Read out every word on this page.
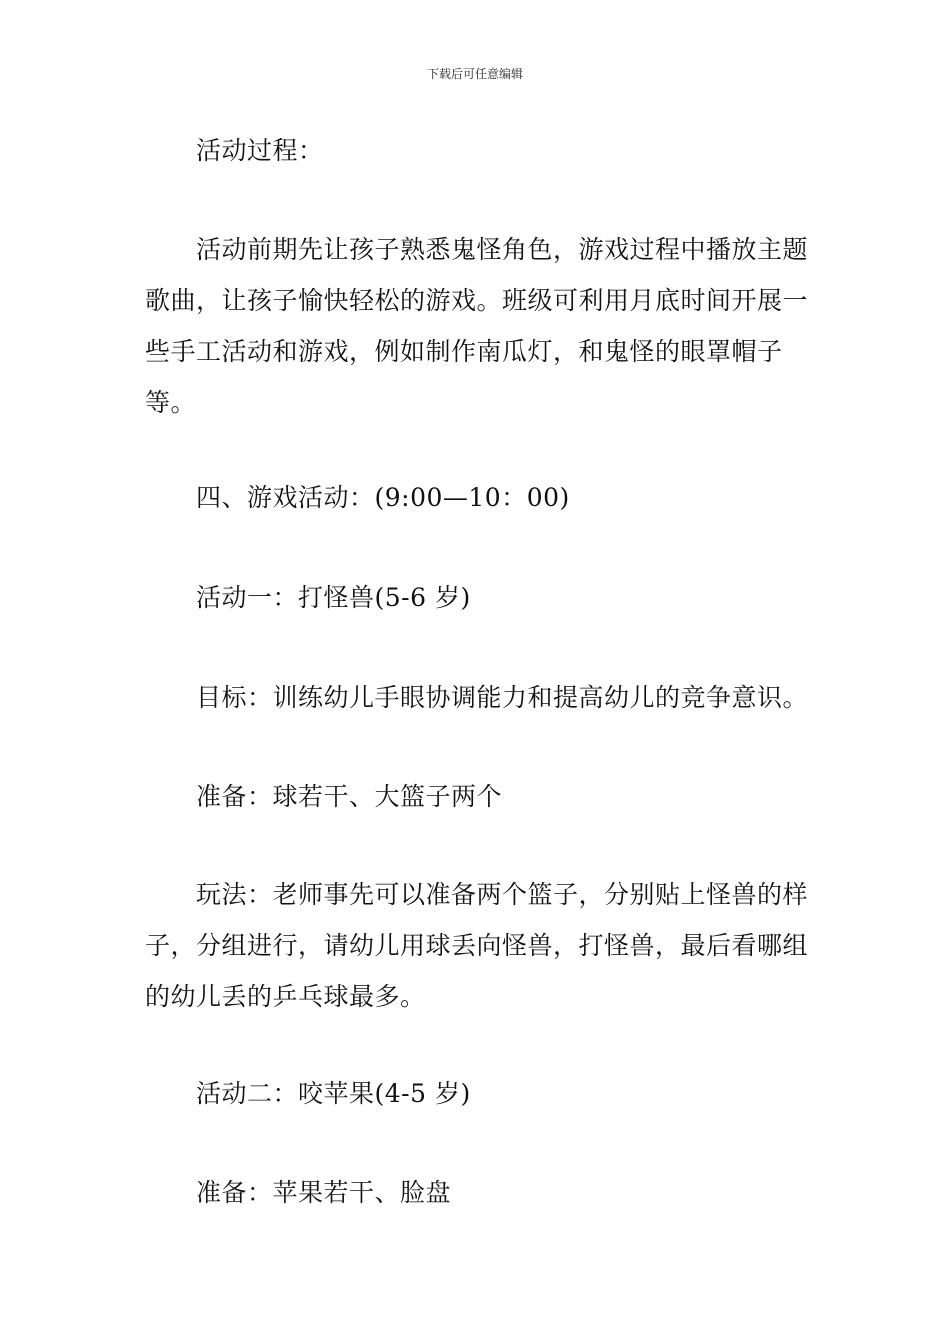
下载后可任意编辑

活动过程：

活动前期先让孩子熟悉鬼怪角色，游戏过程中播放主题歌曲，让孩子愉快轻松的游戏。班级可利用月底时间开展一些手工活动和游戏，例如制作南瓜灯，和鬼怪的眼罩帽子等。

四、游戏活动：(9:00—10：00)

活动一：打怪兽(5-6 岁)

目标：训练幼儿手眼协调能力和提高幼儿的竞争意识。

准备：球若干、大篮子两个

玩法：老师事先可以准备两个篮子，分别贴上怪兽的样子，分组进行，请幼儿用球丢向怪兽，打怪兽，最后看哪组的幼儿丢的乒乓球最多。

活动二：咬苹果(4-5 岁)

准备：苹果若干、脸盘
